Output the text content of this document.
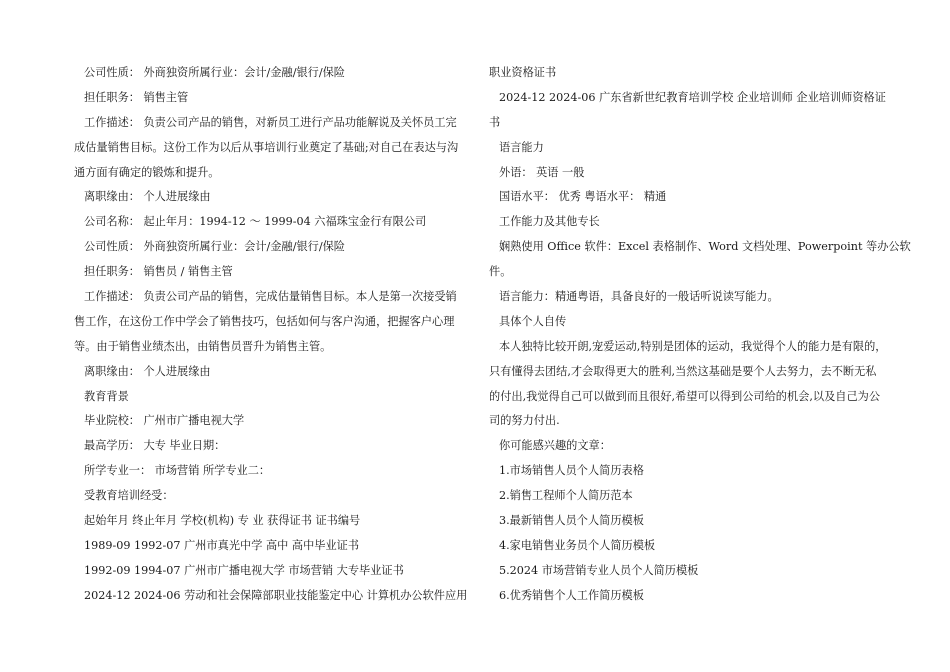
公司性质： 外商独资所属行业：会计/金融/银行/保险
担任职务： 销售主管
工作描述： 负责公司产品的销售，对新员工进行产品功能解说及关怀员工完
成估量销售目标。这份工作为以后从事培训行业奠定了基础;对自己在表达与沟
通方面有确定的锻炼和提升。
离职缘由： 个人进展缘由
公司名称： 起止年月：1994-12 ～ 1999-04 六福珠宝金行有限公司
公司性质： 外商独资所属行业：会计/金融/银行/保险
担任职务： 销售员 / 销售主管
工作描述： 负责公司产品的销售，完成估量销售目标。本人是第一次接受销
售工作，在这份工作中学会了销售技巧，包括如何与客户沟通，把握客户心理
等。由于销售业绩杰出，由销售员晋升为销售主管。
离职缘由： 个人进展缘由
教育背景
毕业院校： 广州市广播电视大学
最高学历： 大专 毕业日期：
所学专业一： 市场营销 所学专业二：
受教育培训经受：
起始年月 终止年月 学校(机构) 专 业 获得证书 证书编号
1989-09 1992-07 广州市真光中学 高中 高中毕业证书
1992-09 1994-07 广州市广播电视大学 市场营销 大专毕业证书
2024-12 2024-06 劳动和社会保障部职业技能鉴定中心 计算机办公软件应用
职业资格证书
2024-12 2024-06 广东省新世纪教育培训学校 企业培训师 企业培训师资格证
书
语言能力
外语： 英语 一般
国语水平： 优秀 粤语水平： 精通
工作能力及其他专长
娴熟使用 Office 软件：Excel 表格制作、Word 文档处理、Powerpoint 等办公软
件。
语言能力：精通粤语，具备良好的一般话听说读写能力。
具体个人自传
本人独特比较开朗,宠爱运动,特别是团体的运动，我觉得个人的能力是有限的，
只有懂得去团结,才会取得更大的胜利,当然这基础是要个人去努力，去不断无私
的付出,我觉得自己可以做到而且很好,希望可以得到公司给的机会,以及自己为公
司的努力付出.
你可能感兴趣的文章：
1.市场销售人员个人简历表格
2.销售工程师个人简历范本
3.最新销售人员个人简历模板
4.家电销售业务员个人简历模板
5.2024 市场营销专业人员个人简历模板
6.优秀销售个人工作简历模板
